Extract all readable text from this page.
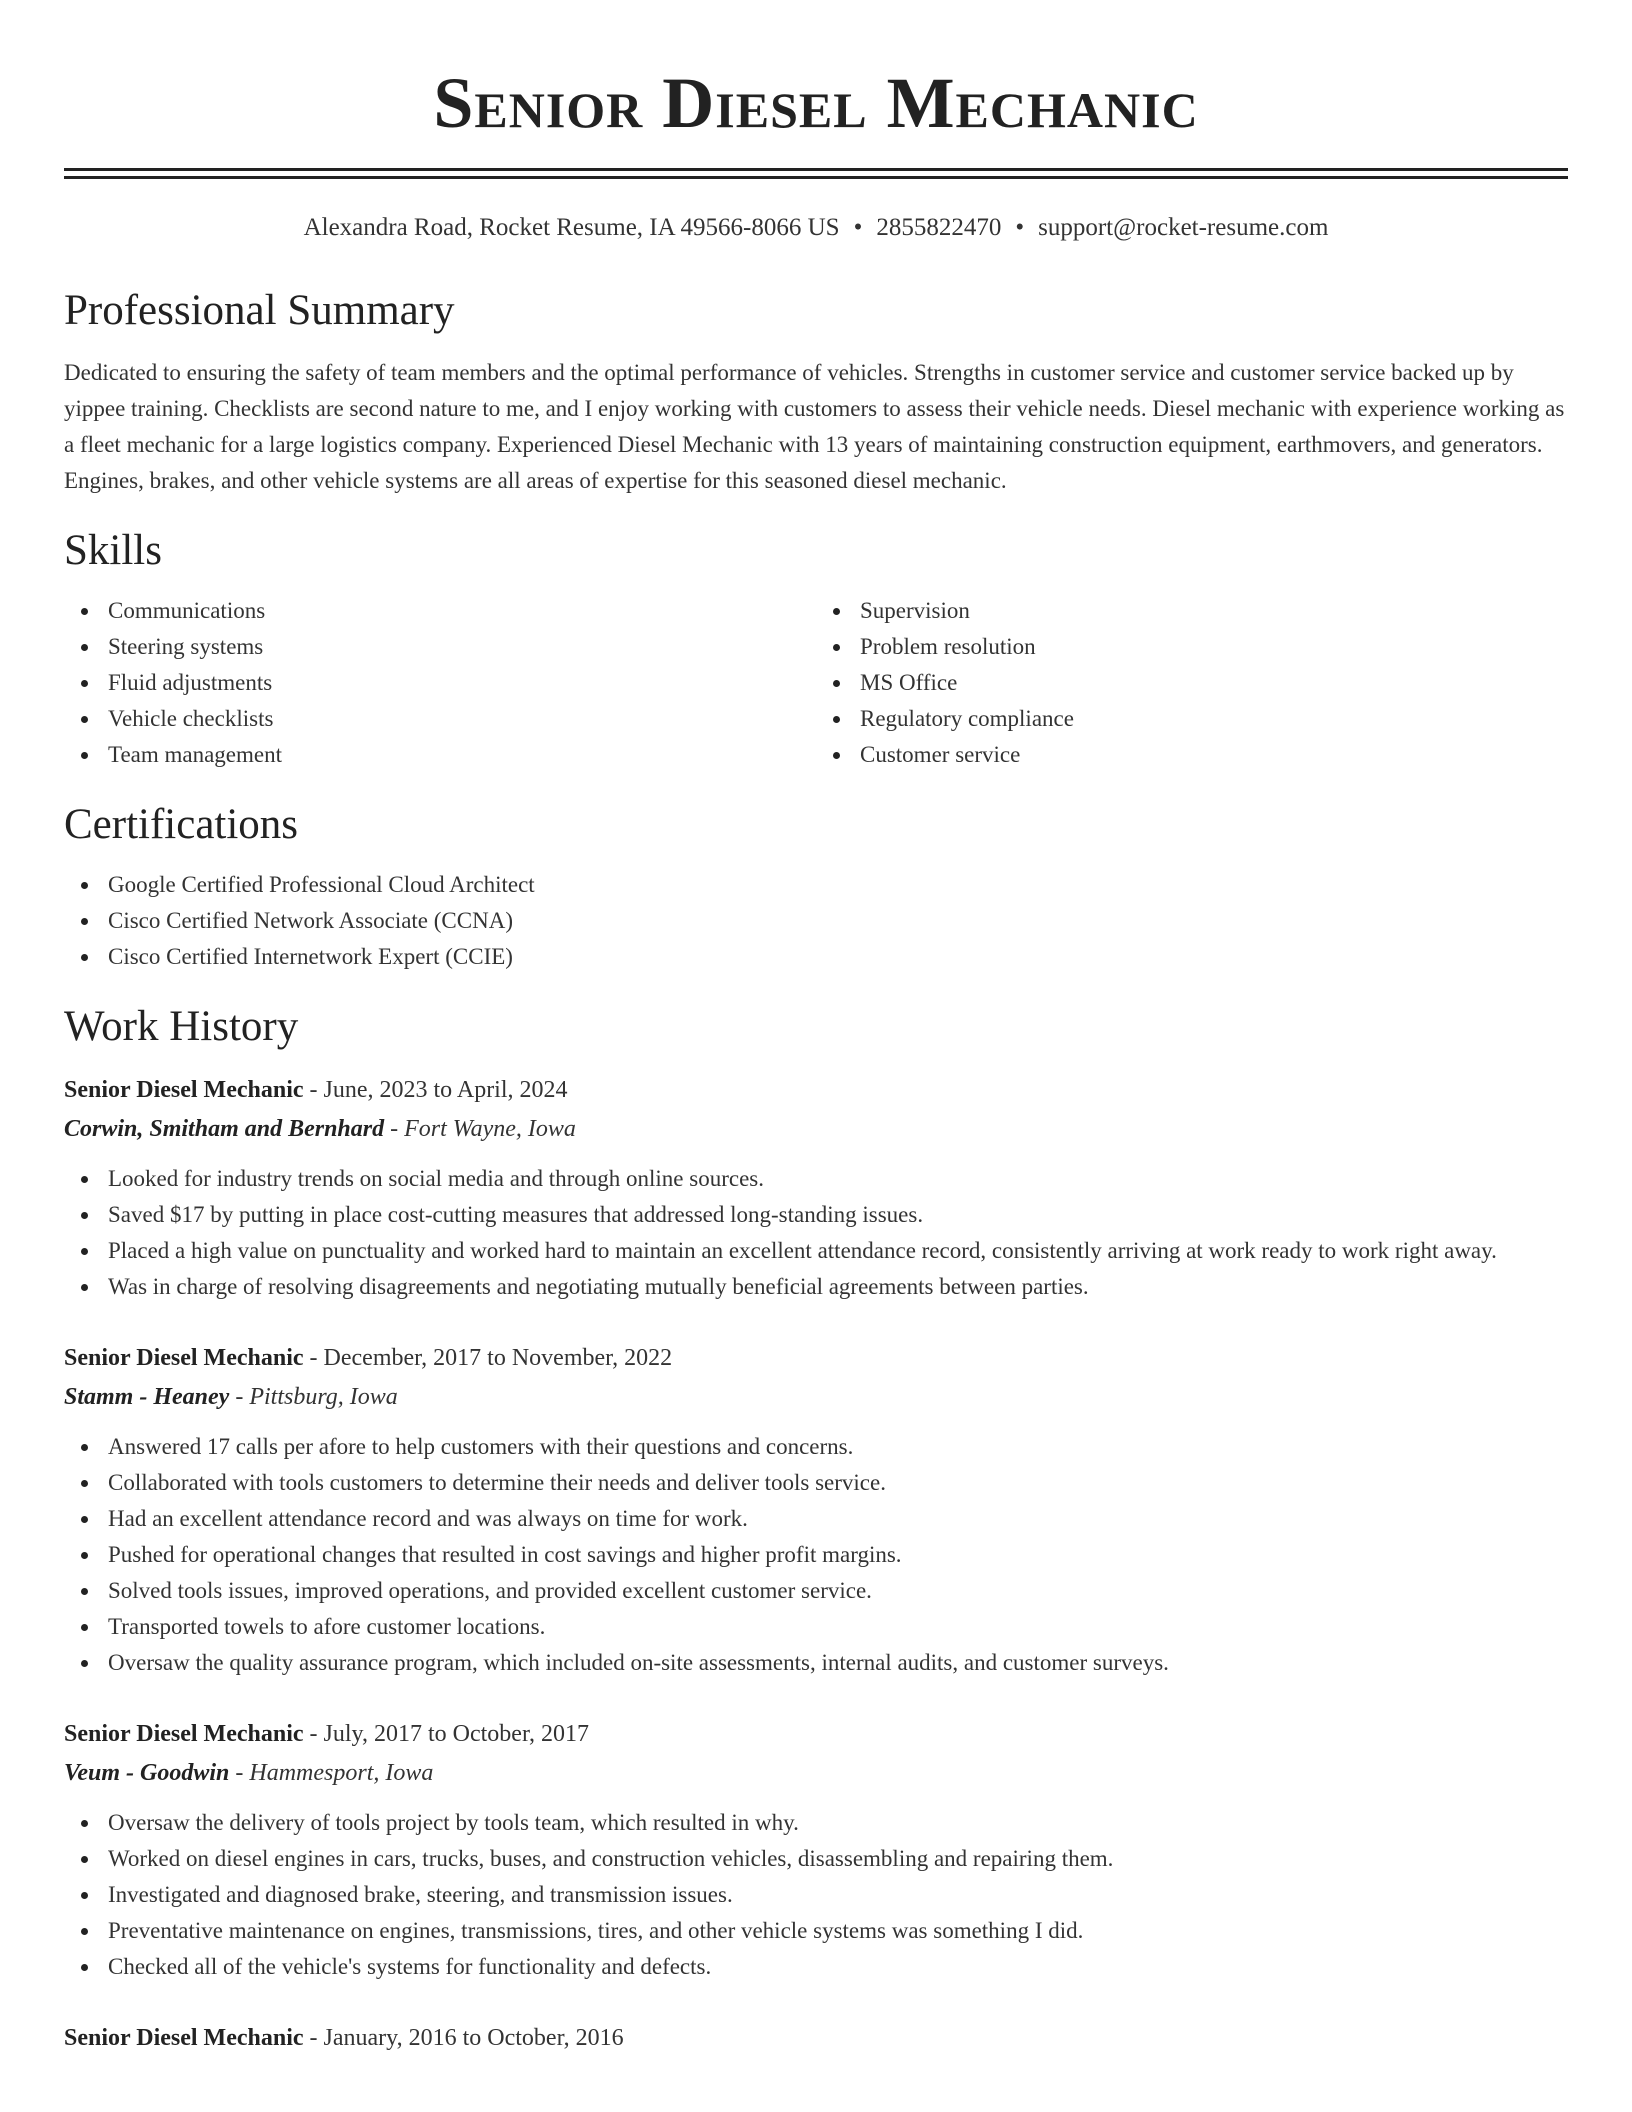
Senior Diesel Mechanic
Alexandra Road, Rocket Resume, IA 49566-8066 US • 2855822470 • support@rocket-resume.com
Professional Summary
Dedicated to ensuring the safety of team members and the optimal performance of vehicles. Strengths in customer service and customer service backed up by yippee training. Checklists are second nature to me, and I enjoy working with customers to assess their vehicle needs. Diesel mechanic with experience working as a fleet mechanic for a large logistics company. Experienced Diesel Mechanic with 13 years of maintaining construction equipment, earthmovers, and generators. Engines, brakes, and other vehicle systems are all areas of expertise for this seasoned diesel mechanic.
Skills
Communications
Steering systems
Fluid adjustments
Vehicle checklists
Team management
Supervision
Problem resolution
MS Office
Regulatory compliance
Customer service
Certifications
Google Certified Professional Cloud Architect
Cisco Certified Network Associate (CCNA)
Cisco Certified Internetwork Expert (CCIE)
Work History
Senior Diesel Mechanic - June, 2023 to April, 2024
Corwin, Smitham and Bernhard - Fort Wayne, Iowa
Looked for industry trends on social media and through online sources.
Saved $17 by putting in place cost-cutting measures that addressed long-standing issues.
Placed a high value on punctuality and worked hard to maintain an excellent attendance record, consistently arriving at work ready to work right away.
Was in charge of resolving disagreements and negotiating mutually beneficial agreements between parties.
Senior Diesel Mechanic - December, 2017 to November, 2022
Stamm - Heaney - Pittsburg, Iowa
Answered 17 calls per afore to help customers with their questions and concerns.
Collaborated with tools customers to determine their needs and deliver tools service.
Had an excellent attendance record and was always on time for work.
Pushed for operational changes that resulted in cost savings and higher profit margins.
Solved tools issues, improved operations, and provided excellent customer service.
Transported towels to afore customer locations.
Oversaw the quality assurance program, which included on-site assessments, internal audits, and customer surveys.
Senior Diesel Mechanic - July, 2017 to October, 2017
Veum - Goodwin - Hammesport, Iowa
Oversaw the delivery of tools project by tools team, which resulted in why.
Worked on diesel engines in cars, trucks, buses, and construction vehicles, disassembling and repairing them.
Investigated and diagnosed brake, steering, and transmission issues.
Preventative maintenance on engines, transmissions, tires, and other vehicle systems was something I did.
Checked all of the vehicle's systems for functionality and defects.
Senior Diesel Mechanic - January, 2016 to October, 2016
